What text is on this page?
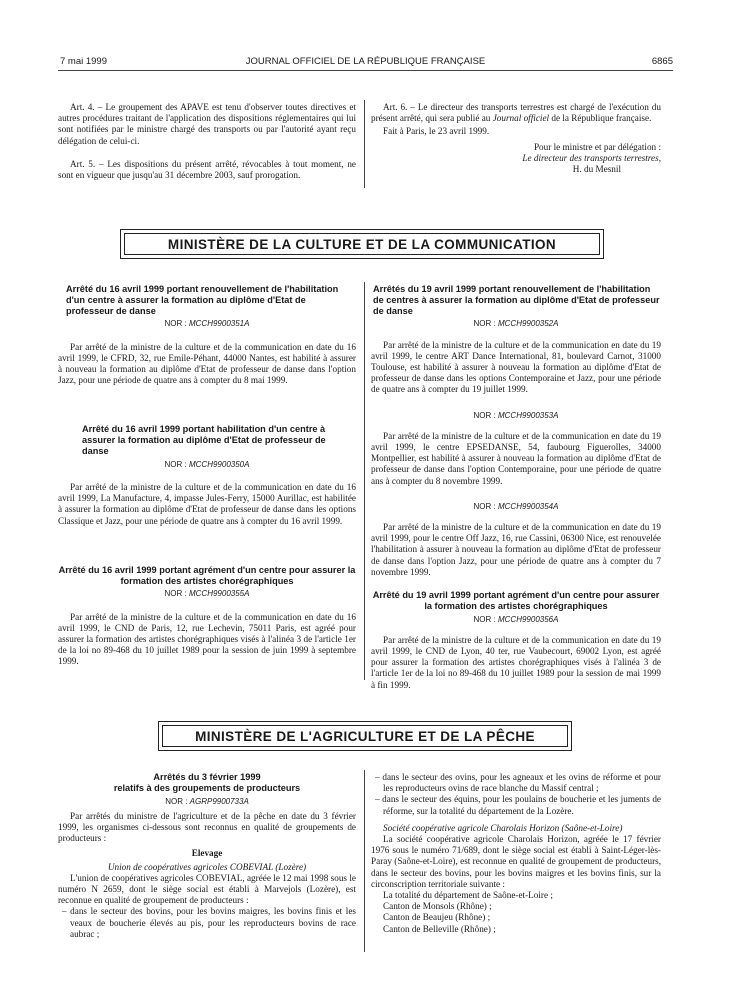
7 mai 1999	JOURNAL OFFICIEL DE LA RÉPUBLIQUE FRANÇAISE	6865

Art. 4. – Le groupement des APAVE est tenu d'observer toutes directives et autres procédures traitant de l'application des dispositions réglementaires qui lui sont notifiées par le ministre chargé des transports ou par l'autorité ayant reçu délégation de celui-ci.

Art. 5. – Les dispositions du présent arrêté, révocables à tout moment, ne sont en vigueur que jusqu'au 31 décembre 2003, sauf prorogation.

Art. 6. – Le directeur des transports terrestres est chargé de l'exécution du présent arrêté, qui sera publié au Journal officiel de la République française.

Fait à Paris, le 23 avril 1999.

Pour le ministre et par délégation :

Le directeur des transports terrestres,

H. du Mesnil

MINISTÈRE DE LA CULTURE ET DE LA COMMUNICATION
Arrêté du 16 avril 1999 portant renouvellement de l'habilitation d'un centre à assurer la formation au diplôme d'Etat de professeur de danse
NOR : MCCH9900351A

Par arrêté de la ministre de la culture et de la communication en date du 16 avril 1999, le CFRD, 32, rue Emile-Péhant, 44000 Nantes, est habilité à assurer à nouveau la formation au diplôme d'Etat de professeur de danse dans l'option Jazz, pour une période de quatre ans à compter du 8 mai 1999.

Arrêté du 16 avril 1999 portant habilitation d'un centre à assurer la formation au diplôme d'Etat de professeur de danse
NOR : MCCH9900350A

Par arrêté de la ministre de la culture et de la communication en date du 16 avril 1999, La Manufacture, 4, impasse Jules-Ferry, 15000 Aurillac, est habilitée à assurer la formation au diplôme d'Etat de professeur de danse dans les options Classique et Jazz, pour une période de quatre ans à compter du 16 avril 1999.

Arrêté du 16 avril 1999 portant agrément d'un centre pour assurer la formation des artistes chorégraphiques
NOR : MCCH9900355A

Par arrêté de la ministre de la culture et de la communication en date du 16 avril 1999, le CND de Paris, 12, rue Lechevin, 75011 Paris, est agréé pour assurer la formation des artistes chorégraphiques visés à l'alinéa 3 de l'article 1er de la loi no 89-468 du 10 juillet 1989 pour la session de juin 1999 à septembre 1999.

Arrêtés du 19 avril 1999 portant renouvellement de l'habilitation de centres à assurer la formation au diplôme d'Etat de professeur de danse
NOR : MCCH9900352A

Par arrêté de la ministre de la culture et de la communication en date du 19 avril 1999, le centre ART Dance International, 81, boulevard Carnot, 31000 Toulouse, est habilité à assurer à nouveau la formation au diplôme d'Etat de professeur de danse dans les options Contemporaine et Jazz, pour une période de quatre ans à compter du 19 juillet 1999.

NOR : MCCH9900353A

Par arrêté de la ministre de la culture et de la communication en date du 19 avril 1999, le centre EPSEDANSE, 54, faubourg Figuerolles, 34000 Montpellier, est habilité à assurer à nouveau la formation au diplôme d'Etat de professeur de danse dans l'option Contemporaine, pour une période de quatre ans à compter du 8 novembre 1999.

NOR : MCCH9900354A

Par arrêté de la ministre de la culture et de la communication en date du 19 avril 1999, pour le centre Off Jazz, 16, rue Cassini, 06300 Nice, est renouvelée l'habilitation à assurer à nouveau la formation au diplôme d'Etat de professeur de danse dans l'option Jazz, pour une période de quatre ans à compter du 7 novembre 1999.

Arrêté du 19 avril 1999 portant agrément d'un centre pour assurer la formation des artistes chorégraphiques
NOR : MCCH9900356A

Par arrêté de la ministre de la culture et de la communication en date du 19 avril 1999, le CND de Lyon, 40 ter, rue Vaubecourt, 69002 Lyon, est agréé pour assurer la formation des artistes chorégraphiques visés à l'alinéa 3 de l'article 1er de la loi no 89-468 du 10 juillet 1989 pour la session de mai 1999 à fin 1999.

MINISTÈRE DE L'AGRICULTURE ET DE LA PÊCHE
Arrêtés du 3 février 1999
relatifs à des groupements de producteurs
NOR : AGRP9900733A

Par arrêtés du ministre de l'agriculture et de la pêche en date du 3 février 1999, les organismes ci-dessous sont reconnus en qualité de groupements de producteurs :

Elevage

Union de coopératives agricoles COBEVIAL (Lozère)

L'union de coopératives agricoles COBEVIAL, agréée le 12 mai 1998 sous le numéro N 2659, dont le siège social est établi à Marvejols (Lozère), est reconnue en qualité de groupement de producteurs :

– dans le secteur des bovins, pour les bovins maigres, les bovins finis et les veaux de boucherie élevés au pis, pour les reproducteurs bovins de race aubrac ;
– dans le secteur des ovins, pour les agneaux et les ovins de réforme et pour les reproducteurs ovins de race blanche du Massif central ;
– dans le secteur des équins, pour les poulains de boucherie et les juments de réforme, sur la totalité du département de la Lozère.

Société coopérative agricole Charolais Horizon (Saône-et-Loire)

La société coopérative agricole Charolais Horizon, agréée le 17 février 1976 sous le numéro 71/689, dont le siège social est établi à Saint-Léger-lès-Paray (Saône-et-Loire), est reconnue en qualité de groupement de producteurs, dans le secteur des bovins, pour les bovins maigres et les bovins finis, sur la circonscription territoriale suivante :

La totalité du département de Saône-et-Loire ;

Canton de Monsols (Rhône) ;

Canton de Beaujeu (Rhône) ;

Canton de Belleville (Rhône) ;
